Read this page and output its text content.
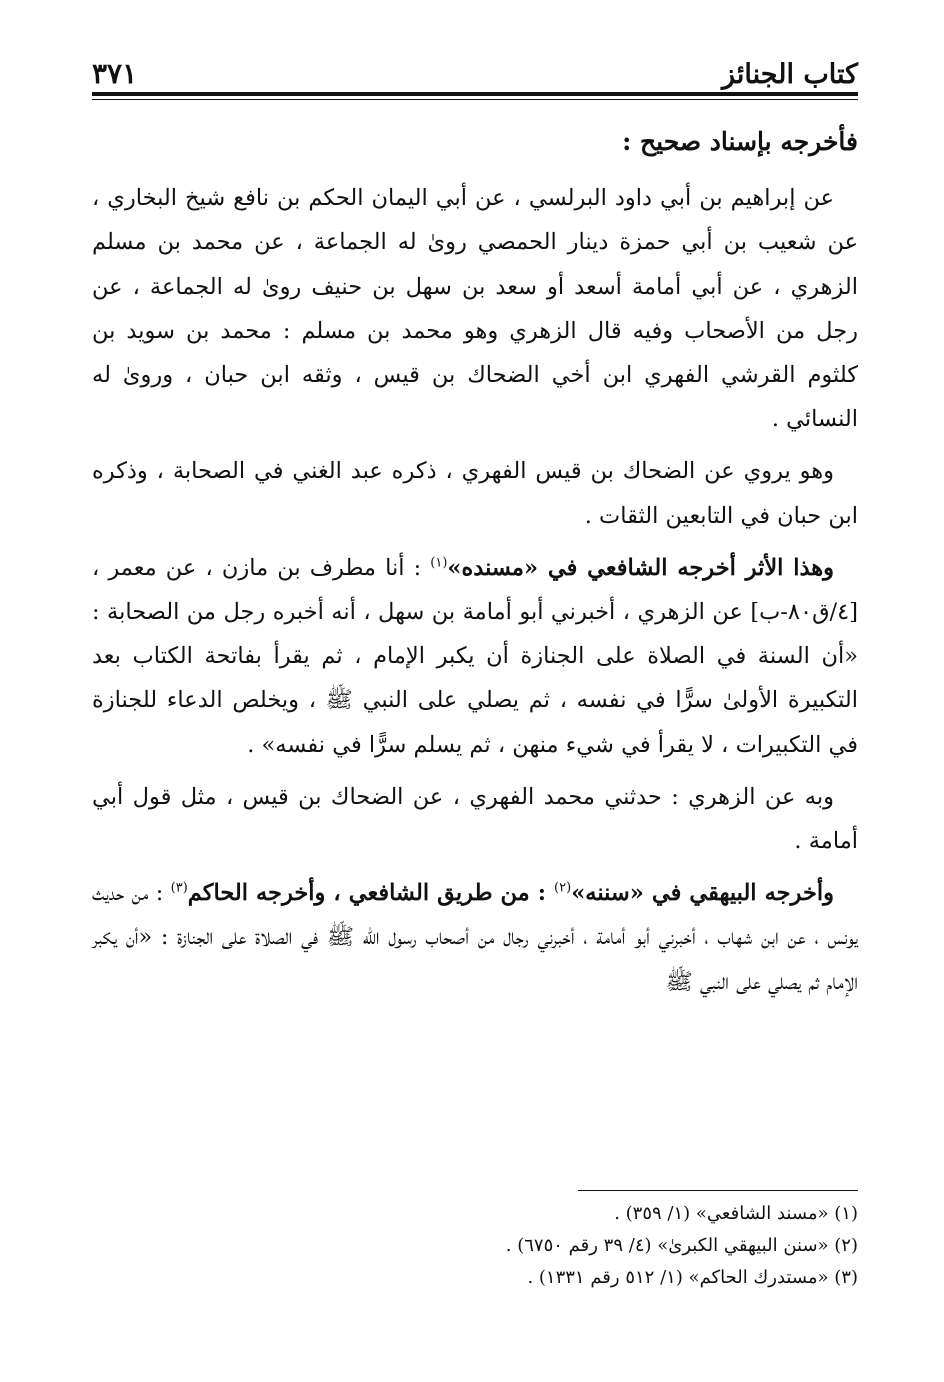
كتاب الجنائز
٣٧١

فأخرجه بإسناد صحيح :

عن إبراهيم بن أبي داود البرلسي ، عن أبي اليمان الحكم بن نافع شيخ البخاري ، عن شعيب بن أبي حمزة دينار الحمصي روىٰ له الجماعة ، عن محمد بن مسلم الزهري ، عن أبي أمامة أسعد أو سعد بن سهل بن حنيف روىٰ له الجماعة ، عن رجل من الأصحاب وفيه قال الزهري وهو محمد بن مسلم : محمد بن سويد بن كلثوم القرشي الفهري ابن أخي الضحاك بن قيس ، وثقه ابن حبان ، وروىٰ له النسائي .

وهو يروي عن الضحاك بن قيس الفهري ، ذكره عبد الغني في الصحابة ، وذكره ابن حبان في التابعين الثقات .

وهذا الأثر أخرجه الشافعي في «مسنده»$^{(١)}$ : أنا مطرف بن مازن ، عن معمر ، [٤/ق٨٠-ب] عن الزهري ، أخبرني أبو أمامة بن سهل ، أنه أخبره رجل من الصحابة : «أن السنة في الصلاة على الجنازة أن يكبر الإمام ، ثم يقرأ بفاتحة الكتاب بعد التكبيرة الأولىٰ سرًّا في نفسه ، ثم يصلي على النبي ﷺ ، ويخلص الدعاء للجنازة في التكبيرات ، لا يقرأ في شيء منهن ، ثم يسلم سرًّا في نفسه» .

وبه عن الزهري : حدثني محمد الفهري ، عن الضحاك بن قيس ، مثل قول أبي أمامة .

وأخرجه البيهقي في «سننه»$^{(٢)}$ : من طريق الشافعي ، وأخرجه الحاكم$^{(٣)}$ : من حديث يونس ، عن ابن شهاب ، أخبرني أبو أمامة ، أخبرني رجال من أصحاب رسول الله ﷺ في الصلاة على الجنازة : «أن يكبر الإمام ثم يصلي على النبي ﷺ

(١) «مسند الشافعي» (١/ ٣٥٩) .
(٢) «سنن البيهقي الكبرىٰ» (٤/ ٣٩ رقم ٦٧٥٠) .
(٣) «مستدرك الحاكم» (١/ ٥١٢ رقم ١٣٣١) .
